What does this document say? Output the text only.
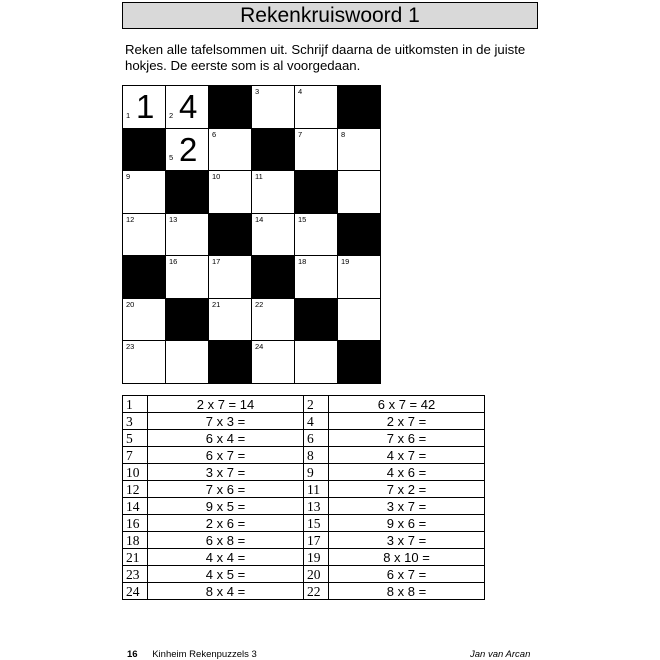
Rekenkruiswoord 1
Reken alle tafelsommen uit. Schrijf daarna de uitkomsten in de juiste
hokjes. De eerste som is al voorgedaan.
1 1 2 4	3	4
5 2 6	7	8
9	10	11
12	13	14	15
16	17	18	19
20	21	22
23	24
1	2 x 7 = 14	2	6 x 7 = 42
3	7 x 3 =	4	2 x 7 =
5	6 x 4 =	6	7 x 6 =
7	6 x 7 =	8	4 x 7 =
10	3 x 7 =	9	4 x 6 =
12	7 x 6 =	11	7 x 2 =
14	9 x 5 =	13	3 x 7 =
16	2 x 6 =	15	9 x 6 =
18	6 x 8 =	17	3 x 7 =
21	4 x 4 =	19	8 x 10 =
23	4 x 5 =	20	6 x 7 =
24	8 x 4 =	22	8 x 8 =
16 Kinheim Rekenpuzzels 3	Jan van Arcan
